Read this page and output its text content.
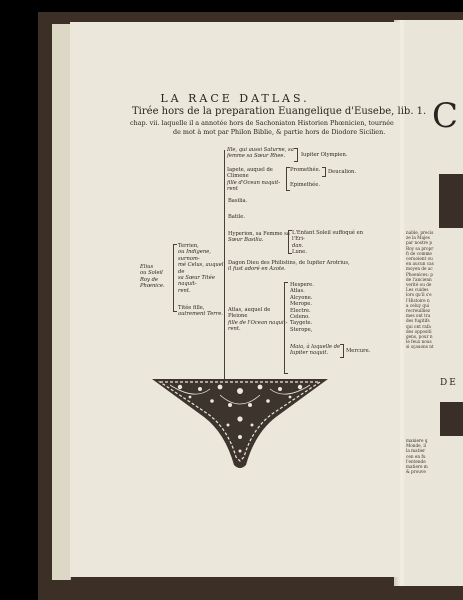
LA RACE DATLAS.
Tirée hors de la preparation Euangelique d'Eusebe, lib. 1.
chap. vii. laquelle il a annotée hors de Sachoniaton Historien Phœnicien, tournée
de mot à mot par Philon Biblie, & partie hors de Diodore Sicilien.
Elius
ou Soleil
Roy de
Phœnice.
Terrien,
ou Indigene, surnom-
mé Celus, auquel de
sa Sœur Titée naquit-
rent.
Titée fille,
autrement Terre.
Ille, qui aussi Saturne, sa
femme sa Sœur Rhee.	Iupiter Olympien.
Iapete, auquel de Climene
fille d'Ocean naquit-
rent
Promethée.
Epimethée.
Deucalion.
Basilia.
Batile.
Hyperion, sa Femme sa
Sœur Basilia.
L'Enfant Soleil suffoqué en l'Eri-
dan.
Lune.
Dagon Dieu des Philistins, de Iupiter Arotrius,
il fust adoré en Azote.
Atlas, auquel de Pleione
fille de l'Ocean naquit-
rent.
Hespere.
Atlas.
Alcyone.
Merope.
Electre.
Celeno.
Taygete.
Sterope,
Maia, à laquelle de
Iupiter naquit.	Mercure.
C
nable, precis
ze la Majes
par nostre p
Roy sa propr
fi de comme
ceruoient ou
en aucun cas
moyen de ac
Phoenices: p
de l'ancienn
verité ou de
Les cuides
lors qu'il s'e
l'Histoire n
a celuy qui
recreuilliez
mes ont tra
des fugitifs
qui ont rafa
des oppositi
gens, pour n
le feux nous
si sçauons nt
DE
maniere q
Monde, il
la matier
cen en fu
l'entende
matiere m
& prouve
